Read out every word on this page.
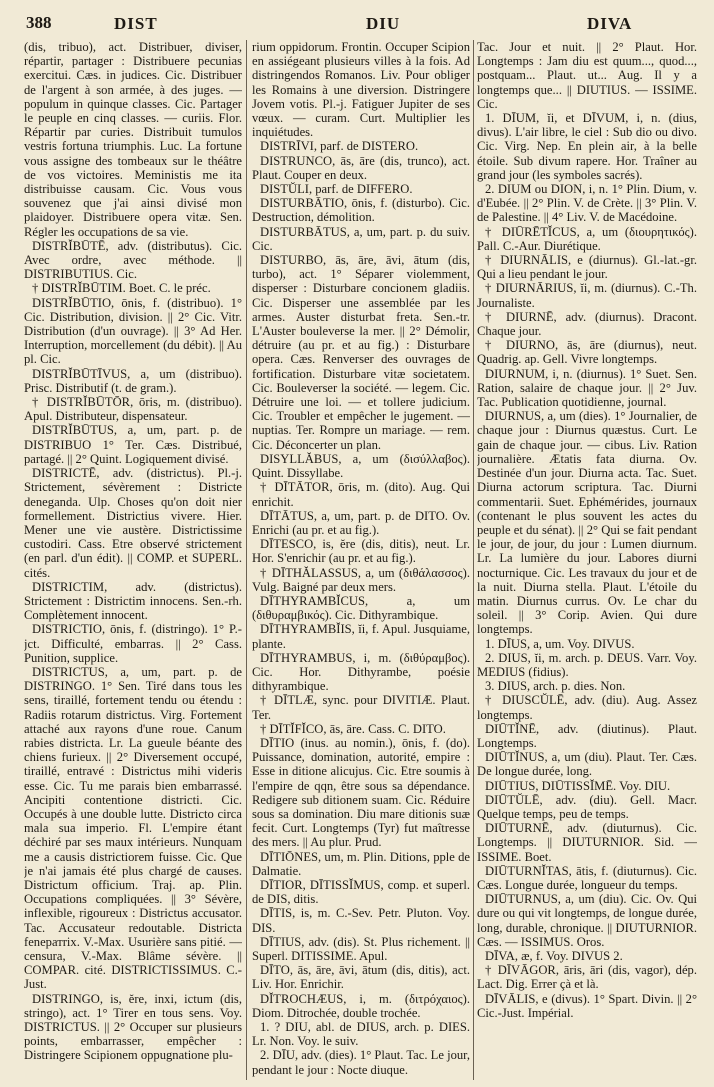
388	DIST	DIU	DIVA

(dis, tribuo), act. Distribuer, diviser, répartir, partager : Distribuere pecunias exercitui. Cæs. in judices. Cic. Distribuer de l'argent à son armée, à des juges. — populum in quinque classes. Cic. Partager le peuple en cinq classes. — curiis. Flor. Répartir par curies. Distribuit tumulos vestris fortuna triumphis. Luc. La fortune vous assigne des tombeaux sur le théâtre de vos victoires. Meministis me ita distribuisse causam. Cic. Vous vous souvenez que j'ai ainsi divisé mon plaidoyer. Distribuere opera vitæ. Sen. Régler les occupations de sa vie.

DISTRĬBŪTĒ, adv. (distributus). Cic. Avec ordre, avec méthode. || DISTRIBUTIUS. Cic.

† DISTRĬBŪTIM. Boet. C. le préc.

DISTRĬBŪTIO, ōnis, f. (distribuo). 1° Cic. Distribution, division. || 2° Cic. Vitr. Distribution (d'un ouvrage). || 3° Ad Her. Interruption, morcellement (du débit). || Au pl. Cic.

DISTRĬBŪTĪVUS, a, um (distribuo). Prisc. Distributif (t. de gram.).

† DISTRĬBŪTŌR, ōris, m. (distribuo). Apul. Distributeur, dispensateur.

DISTRĬBŪTUS, a, um, part. p. de DISTRIBUO 1° Ter. Cæs. Distribué, partagé. || 2° Quint. Logiquement divisé.

DISTRICTĒ, adv. (districtus). Pl.-j. Strictement, sévèrement : Districte deneganda. Ulp. Choses qu'on doit nier formellement. Districtius vivere. Hier. Mener une vie austère. Districtissime custodiri. Cass. Etre observé strictement (en parl. d'un édit). || COMP. et SUPERL. cités.

DISTRICTIM, adv. (districtus). Strictement : Districtim innocens. Sen.-rh. Complètement innocent.

DISTRICTIO, ōnis, f. (distringo). 1° P.-jct. Difficulté, embarras. || 2° Cass. Punition, supplice.

DISTRICTUS, a, um, part. p. de DISTRINGO. 1° Sen. Tiré dans tous les sens, tiraillé, fortement tendu ou étendu : Radiis rotarum districtus. Virg. Fortement attaché aux rayons d'une roue. Canum rabies districta. Lr. La gueule béante des chiens furieux. || 2° Diversement occupé, tiraillé, entravé : Districtus mihi videris esse. Cic. Tu me parais bien embarrassé. Ancipiti contentione districti. Cic. Occupés à une double lutte. Districto circa mala sua imperio. Fl. L'empire étant déchiré par ses maux intérieurs. Nunquam me a causis districtiorem fuisse. Cic. Que je n'ai jamais été plus chargé de causes. Districtum officium. Traj. ap. Plin. Occupations compliquées. || 3° Sévère, inflexible, rigoureux : Districtus accusator. Tac. Accusateur redoutable. Districta fenератrix. V.-Max. Usurière sans pitié. — censura, V.-Max. Blâme sévère. || COMPAR. cité. DISTRICTISSIMUS. C.-Just.

DISTRINGO, is, ĕre, inxi, ictum (dis, stringo), act. 1° Tirer en tous sens. Voy. DISTRICTUS. || 2° Occuper sur plusieurs points, embarrasser, empêcher : Distringere Scipionem oppugnatione plu-

rium oppidorum. Frontin. Occuper Scipion en assiégeant plusieurs villes à la fois. Ad distringendos Romanos. Liv. Pour obliger les Romains à une diversion. Distringere Jovem votis. Pl.-j. Fatiguer Jupiter de ses vœux. — curam. Curt. Multiplier les inquiétudes.

DISTRĪVI, parf. de DISTERO.

DISTRUNCO, ās, āre (dis, trunco), act. Plaut. Couper en deux.

DISTŬLI, parf. de DIFFERO.

DISTURBĀTIO, ōnis, f. (disturbo). Cic. Destruction, démolition.

DISTURBĀTUS, a, um, part. p. du suiv. Cic.

DISTURBO, ās, āre, āvi, ātum (dis, turbo), act. 1° Séparer violemment, disperser : Disturbare concionem gladiis. Cic. Disperser une assemblée par les armes. Auster disturbat freta. Sen.-tr. L'Auster bouleverse la mer. || 2° Démolir, détruire (au pr. et au fig.) : Disturbare opera. Cæs. Renverser des ouvrages de fortification. Disturbare vitæ societatem. Cic. Bouleverser la société. — legem. Cic. Détruire une loi. — et tollere judicium. Cic. Troubler et empêcher le jugement. — nuptias. Ter. Rompre un mariage. — rem. Cic. Déconcerter un plan.

DISYLLĂBUS, a, um (δισύλλαβος). Quint. Dissyllabe.

† DĪTĀTOR, ōris, m. (dito). Aug. Qui enrichit.

DĪTĀTUS, a, um, part. p. de DITO. Ov. Enrichi (au pr. et au fig.).

DĪTESCO, is, ĕre (dis, ditis), neut. Lr. Hor. S'enrichir (au pr. et au fig.).

† DĪTHĂLASSUS, a, um (διθάλασσος). Vulg. Baigné par deux mers.

DĪTHYRAMBĬCUS, a, um (διθυραμβικός). Cic. Dithyrambique.

DĪTHYRAMBĬIS, ĭi, f. Apul. Jusquiame, plante.

DĪTHYRAMBUS, i, m. (διθύραμβος). Cic. Hor. Dithyrambe, poésie dithyrambique.

† DĪTLÆ, sync. pour DIVITIÆ. Plaut. Ter.

† DĪTĬFĬCO, ās, āre. Cass. C. DITO.

DĪTIO (inus. au nomin.), ōnis, f. (do). Puissance, domination, autorité, empire : Esse in ditione alicujus. Cic. Etre soumis à l'empire de qqn, être sous sa dépendance. Redigere sub ditionem suam. Cic. Réduire sous sa domination. Diu mare ditionis suæ fecit. Curt. Longtemps (Tyr) fut maîtresse des mers. || Au plur. Prud.

DĪTIŌNES, um, m. Plin. Ditions, pple de Dalmatie.

DĪTIOR, DĪTISSĬMUS, comp. et superl. de DIS, ditis.

DĪTIS, is, m. C.-Sev. Petr. Pluton. Voy. DIS.

DĪTIUS, adv. (dis). St. Plus richement. || Superl. DITISSIME. Apul.

DĪTO, ās, āre, āvi, ātum (dis, ditis), act. Liv. Hor. Enrichir.

DĬTROCHÆUS, i, m. (διτρόχαιος). Diom. Ditrochée, double trochée.

1. ? DIU, abl. de DIUS, arch. p. DIES. Lr. Non. Voy. le suiv.

2. DĪU, adv. (dies). 1° Plaut. Tac. Le jour, pendant le jour : Nocte diuque.

Tac. Jour et nuit. || 2° Plaut. Hor. Longtemps : Jam diu est quum..., quod..., postquam... Plaut. ut... Aug. Il y a longtemps que... || DIUTIUS. — ISSIME. Cic.

1. DĪUM, ĭi, et DĪVUM, i, n. (dius, divus). L'air libre, le ciel : Sub dio ou divo. Cic. Virg. Nep. En plein air, à la belle étoile. Sub divum rapere. Hor. Traîner au grand jour (les symboles sacrés).

2. DIUM ou DION, i, n. 1° Plin. Dium, v. d'Eubée. || 2° Plin. V. de Crète. || 3° Plin. V. de Palestine. || 4° Liv. V. de Macédoine.

† DIŪRĒTĬCUS, a, um (διουρητικός). Pall. C.-Aur. Diurétique.

† DIURNĀLIS, e (diurnus). Gl.-lat.-gr. Qui a lieu pendant le jour.

† DIURNĀRIUS, ĭi, m. (diurnus). C.-Th. Journaliste.

† DIURNĒ, adv. (diurnus). Dracont. Chaque jour.

† DIURNO, ās, āre (diurnus), neut. Quadrig. ap. Gell. Vivre longtemps.

DIURNUM, i, n. (diurnus). 1° Suet. Sen. Ration, salaire de chaque jour. || 2° Juv. Tac. Publication quotidienne, journal.

DIURNUS, a, um (dies). 1° Journalier, de chaque jour : Diurnus quæstus. Curt. Le gain de chaque jour. — cibus. Liv. Ration journalière. Ætatis fata diurna. Ov. Destinée d'un jour. Diurna acta. Tac. Suet. Diurna actorum scriptura. Tac. Diurni commentarii. Suet. Ephémérides, journaux (contenant le plus souvent les actes du peuple et du sénat). || 2° Qui se fait pendant le jour, de jour, du jour : Lumen diurnum. Lr. La lumière du jour. Labores diurni nocturnique. Cic. Les travaux du jour et de la nuit. Diurna stella. Plaut. L'étoile du matin. Diurnus currus. Ov. Le char du soleil. || 3° Corip. Avien. Qui dure longtemps.

1. DĪUS, a, um. Voy. DIVUS.

2. DIUS, ĭi, m. arch. p. DEUS. Varr. Voy. MEDIUS (fidius).

3. DIUS, arch. p. dies. Non.

† DIUSCŬLĒ, adv. (diu). Aug. Assez longtemps.

DIŪTĬNĒ, adv. (diutinus). Plaut. Longtemps.

DIŪTĬNUS, a, um (diu). Plaut. Ter. Cæs. De longue durée, long.

DIŪTIUS, DIŪTISSĬMĒ. Voy. DIU.

DIŪTŬLĒ, adv. (diu). Gell. Macr. Quelque temps, peu de temps.

DIŪTURNĒ, adv. (diuturnus). Cic. Longtemps. || DIUTURNIOR. Sid. — ISSIME. Boet.

DIŪTURNĬTAS, ātis, f. (diuturnus). Cic. Cæs. Longue durée, longueur du temps.

DIŪTURNUS, a, um (diu). Cic. Ov. Qui dure ou qui vit longtemps, de longue durée, long, durable, chronique. || DIUTURNIOR. Cæs. — ISSIMUS. Oros.

DĪVA, æ, f. Voy. DIVUS 2.

† DĪVĀGOR, āris, āri (dis, vagor), dép. Lact. Dig. Errer çà et là.

DĪVĀLIS, e (divus). 1° Spart. Divin. || 2° Cic.-Just. Impérial.
